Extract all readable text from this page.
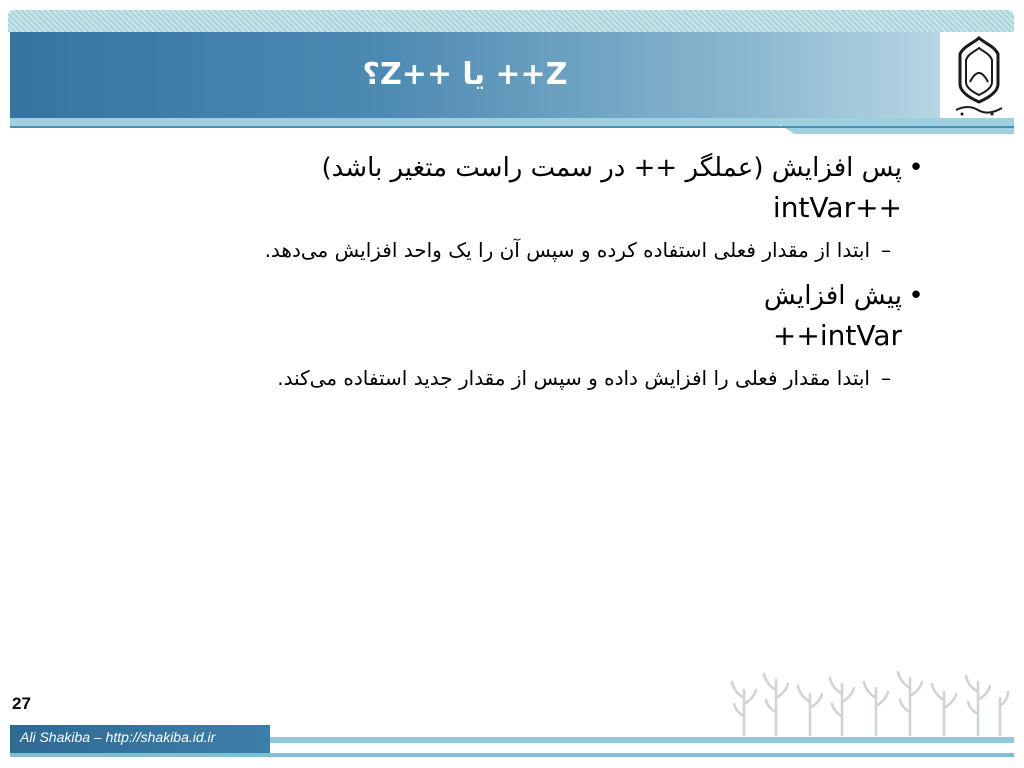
Z++ یا ++Z؟
•
پس افزایش (عملگر ++ در سمت راست متغیر باشد)
intVar++
–
ابتدا از مقدار فعلی استفاده کرده و سپس آن را یک واحد افزایش می‌دهد.
•
پیش افزایش
++intVar
–
ابتدا مقدار فعلی را افزایش داده و سپس از مقدار جدید استفاده می‌کند.
27
Ali Shakiba – http://shakiba.id.ir
